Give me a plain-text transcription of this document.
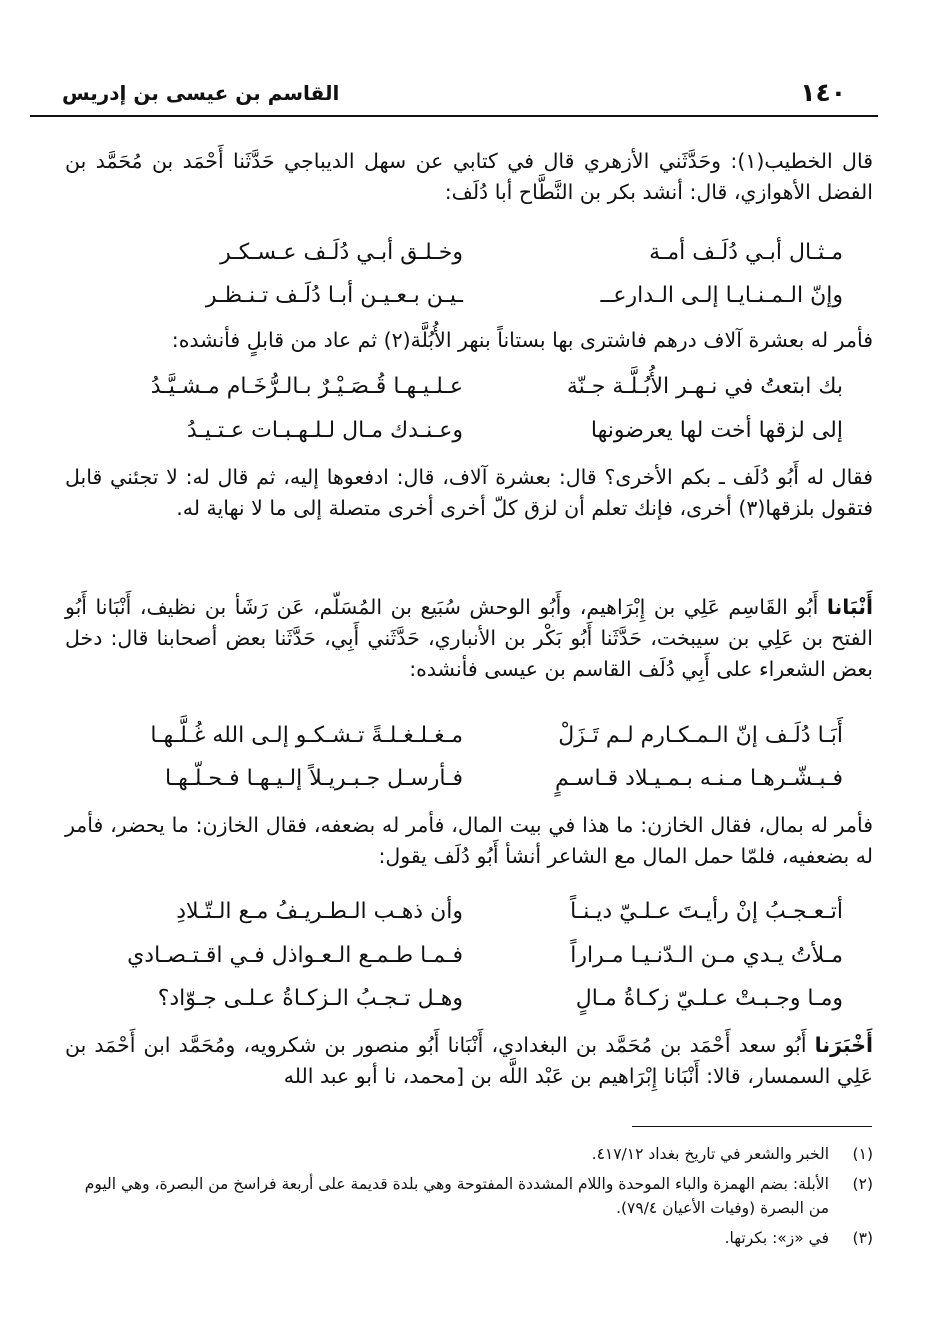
١٤٠
القاسم بن عيسى بن إدريس
قال الخطيب(١): وحَدَّثَني الأزهري قال في كتابي عن سهل الديباجي حَدَّثَنا أَحْمَد بن مُحَمَّد بن الفضل الأهوازي، قال: أنشد بكر بن النَّطَّاح أبا دُلَف:
مـثـال أبـي دُلَـف أمـة
وخـلـق أبـي دُلَـف عـسـكـر
وإنّ الـمـنـايـا إلـى الـدارعــ
ـيـن بـعـيـن أبـا دُلَـف تـنـظـر
فأمر له بعشرة آلاف درهم فاشترى بها بستاناً بنهر الأُبُلَّة(٢) ثم عاد من قابلٍ فأنشده:
بك ابتعتُ في نـهـر الأُبُـلَّـة جـنّة
عـلـيـهـا قُـصَـيْـرٌ بـالـرُّخَـام مـشـيَّـدُ
إلى لزقها أخت لها يعرضونها
وعـنـدك مـال لـلـهـبـات عـتـيـدُ
فقال له أَبُو دُلَف ـ بكم الأخرى؟ قال: بعشرة آلاف، قال: ادفعوها إليه، ثم قال له: لا تجئني قابل فتقول بلزقها(٣) أخرى، فإنك تعلم أن لزق كلّ أخرى أخرى متصلة إلى ما لا نهاية له.
أَنْبَانا أَبُو القَاسِم عَلِي بن إِبْرَاهيم، وأَبُو الوحش سُبَيع بن المُسَلّم، عَن رَشَأ بن نظيف، أَنْبَانا أَبُو الفتح بن عَلِي بن سيبخت، حَدَّثَنا أَبُو بَكْر بن الأنباري، حَدَّثَني أَبِي، حَدَّثَنا بعض أصحابنا قال: دخل بعض الشعراء على أَبِي دُلَف القاسم بن عيسى فأنشده:
أَبَـا دُلَـف إنّ الـمـكـارم لـم تَـزَلْ
مـغـلـغـلـةً تـشـكـو إلـى الله غُـلَّـهـا
فـبـشّـرهـا مـنـه بـمـيـلاد قـاسـمٍ
فـأرسـل جـبـريـلاً إلـيـهـا فـحـلّـهـا
فأمر له بمال، فقال الخازن: ما هذا في بيت المال، فأمر له بضعفه، فقال الخازن: ما يحضر، فأمر له بضعفيه، فلمّا حمل المال مع الشاعر أنشأ أَبُو دُلَف يقول:
أتـعـجـبُ إنْ رأيـتَ عـلـيّ ديـنـاً
وأن ذهـب الـطـريـفُ مـع الـتّـلادِ
مـلأتُ يـدي مـن الـدّنـيـا مـراراً
فـمـا طـمـع الـعـواذل فـي اقـتـصـادي
ومـا وجـبـتْ عـلـيّ زكـاةُ مـالٍ
وهـل تـجـبُ الـزكـاةُ عـلـى جـوّاد؟
أَخْبَرَنا أَبُو سعد أَحْمَد بن مُحَمَّد بن البغدادي، أَنْبَانا أَبُو منصور بن شكرويه، ومُحَمَّد ابن أَحْمَد بن عَلِي السمسار، قالا: أَنْبَانا إِبْرَاهيم بن عَبْد اللَّه بن [محمد، نا أبو عبد الله
(١)
الخبر والشعر في تاريخ بغداد ٤١٧/١٢.
(٢)
الأبلة: بضم الهمزة والباء الموحدة واللام المشددة المفتوحة وهي بلدة قديمة على أربعة فراسخ من البصرة، وهي اليوم من البصرة (وفيات الأعيان ٧٩/٤).
(٣)
في «ز»: بكرتها.
